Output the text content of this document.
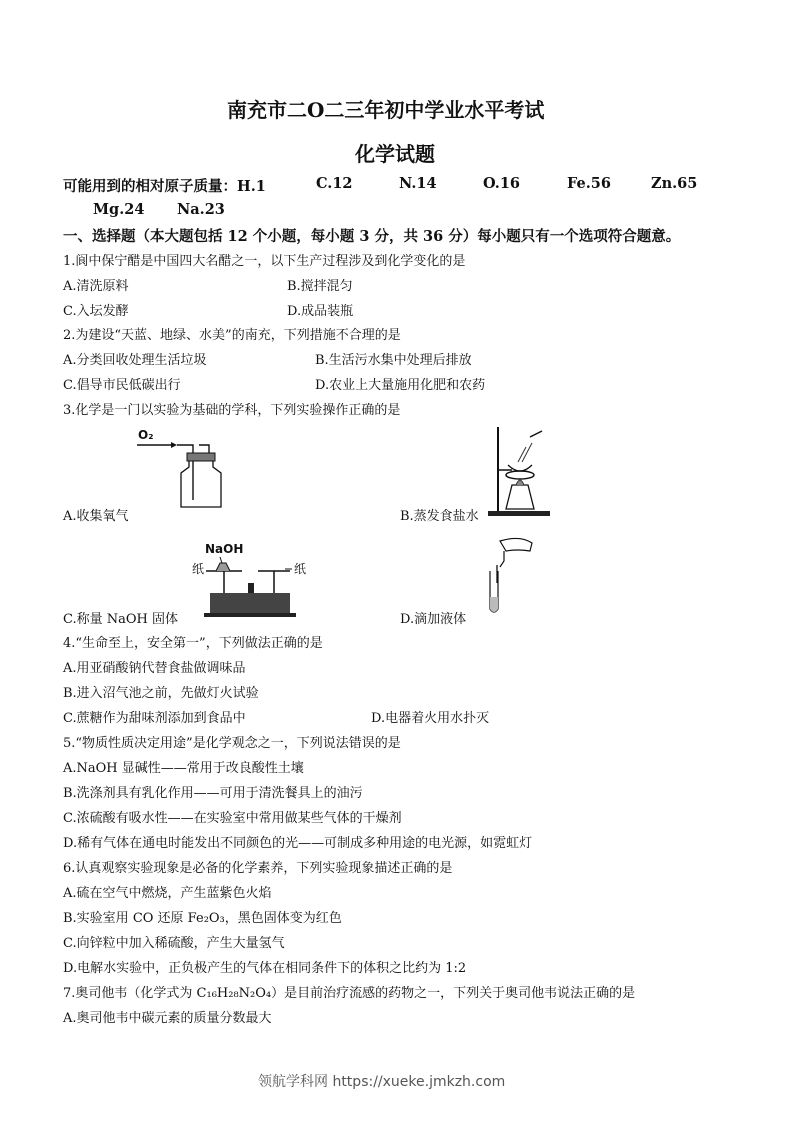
南充市二O二三年初中学业水平考试
化学试题
可能用到的相对原子质量：H.1	C.12	N.14	O.16	Fe.56	Zn.65
Mg.24 Na.23
一、选择题（本大题包括 12 个小题，每小题 3 分，共 36 分）每小题只有一个选项符合题意。
1.阆中保宁醋是中国四大名醋之一，以下生产过程涉及到化学变化的是
A.清洗原料	B.搅拌混匀
C.入坛发酵	D.成品装瓶
2.为建设“天蓝、地绿、水美”的南充，下列措施不合理的是
A.分类回收处理生活垃圾	B.生活污水集中处理后排放
C.倡导市民低碳出行	D.农业上大量施用化肥和农药
3.化学是一门以实验为基础的学科，下列实验操作正确的是
O₂
A.收集氧气	B.蒸发食盐水
NaOH
纸	纸
C.称量 NaOH 固体	D.滴加液体
4.“生命至上，安全第一”，下列做法正确的是
A.用亚硝酸钠代替食盐做调味品
B.进入沼气池之前，先做灯火试验
C.蔗糖作为甜味剂添加到食品中	D.电器着火用水扑灭
5.“物质性质决定用途”是化学观念之一，下列说法错误的是
A.NaOH 显碱性——常用于改良酸性土壤
B.洗涤剂具有乳化作用——可用于清洗餐具上的油污
C.浓硫酸有吸水性——在实验室中常用做某些气体的干燥剂
D.稀有气体在通电时能发出不同颜色的光——可制成多种用途的电光源，如霓虹灯
6.认真观察实验现象是必备的化学素养，下列实验现象描述正确的是
A.硫在空气中燃烧，产生蓝紫色火焰
B.实验室用 CO 还原 Fe₂O₃，黑色固体变为红色
C.向锌粒中加入稀硫酸，产生大量氢气
D.电解水实验中，正负极产生的气体在相同条件下的体积之比约为 1:2
7.奥司他韦（化学式为 C₁₆H₂₈N₂O₄）是目前治疗流感的药物之一，下列关于奥司他韦说法正确的是
A.奥司他韦中碳元素的质量分数最大
领航学科网 https://xueke.jmkzh.com
